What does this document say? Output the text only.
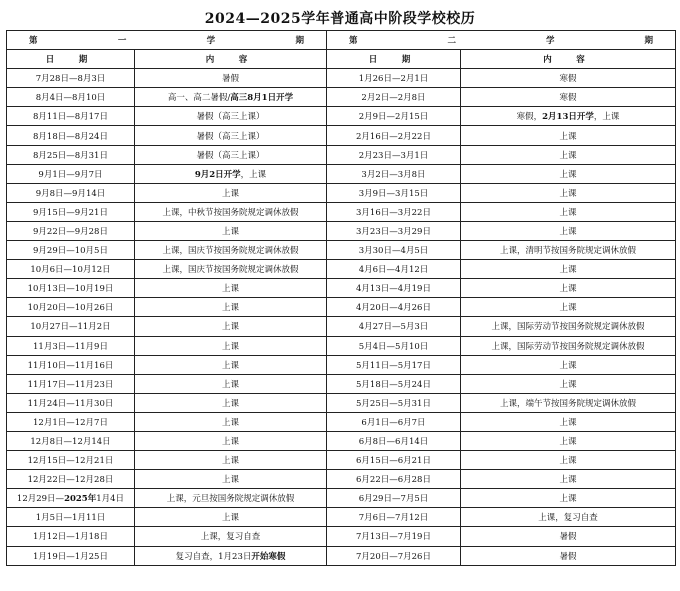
2024—2025学年普通高中阶段学校校历
第 一 学 期		第 二 学 期	

日　期	内　容	日　期	内　容
7月28日—8月3日	暑假	1月26日—2月1日	寒假
8月4日—8月10日	高一、高二暑假/高三8月1日开学	2月2日—2月8日	寒假
8月11日—8月17日	暑假（高三上课）	2月9日—2月15日	寒假，2月13日开学，上课
8月18日—8月24日	暑假（高三上课）	2月16日—2月22日	上课
8月25日—8月31日	暑假（高三上课）	2月23日—3月1日	上课
9月1日—9月7日	9月2日开学，上课	3月2日—3月8日	上课
9月8日—9月14日	上课	3月9日—3月15日	上课
9月15日—9月21日	上课，中秋节按国务院规定调休放假	3月16日—3月22日	上课
9月22日—9月28日	上课	3月23日—3月29日	上课
9月29日—10月5日	上课，国庆节按国务院规定调休放假	3月30日—4月5日	上课，清明节按国务院规定调休放假
10月6日—10月12日	上课，国庆节按国务院规定调休放假	4月6日—4月12日	上课
10月13日—10月19日	上课	4月13日—4月19日	上课
10月20日—10月26日	上课	4月20日—4月26日	上课
10月27日—11月2日	上课	4月27日—5月3日	上课，国际劳动节按国务院规定调休放假
11月3日—11月9日	上课	5月4日—5月10日	上课，国际劳动节按国务院规定调休放假
11月10日—11月16日	上课	5月11日—5月17日	上课
11月17日—11月23日	上课	5月18日—5月24日	上课
11月24日—11月30日	上课	5月25日—5月31日	上课，端午节按国务院规定调休放假
12月1日—12月7日	上课	6月1日—6月7日	上课
12月8日—12月14日	上课	6月8日—6月14日	上课
12月15日—12月21日	上课	6月15日—6月21日	上课
12月22日—12月28日	上课	6月22日—6月28日	上课
12月29日—2025年1月4日	上课，元旦按国务院规定调休放假	6月29日—7月5日	上课
1月5日—1月11日	上课	7月6日—7月12日	上课，复习自查
1月12日—1月18日	上课，复习自查	7月13日—7月19日	暑假
1月19日—1月25日	复习自查，1月23日开始寒假	7月20日—7月26日	暑假
